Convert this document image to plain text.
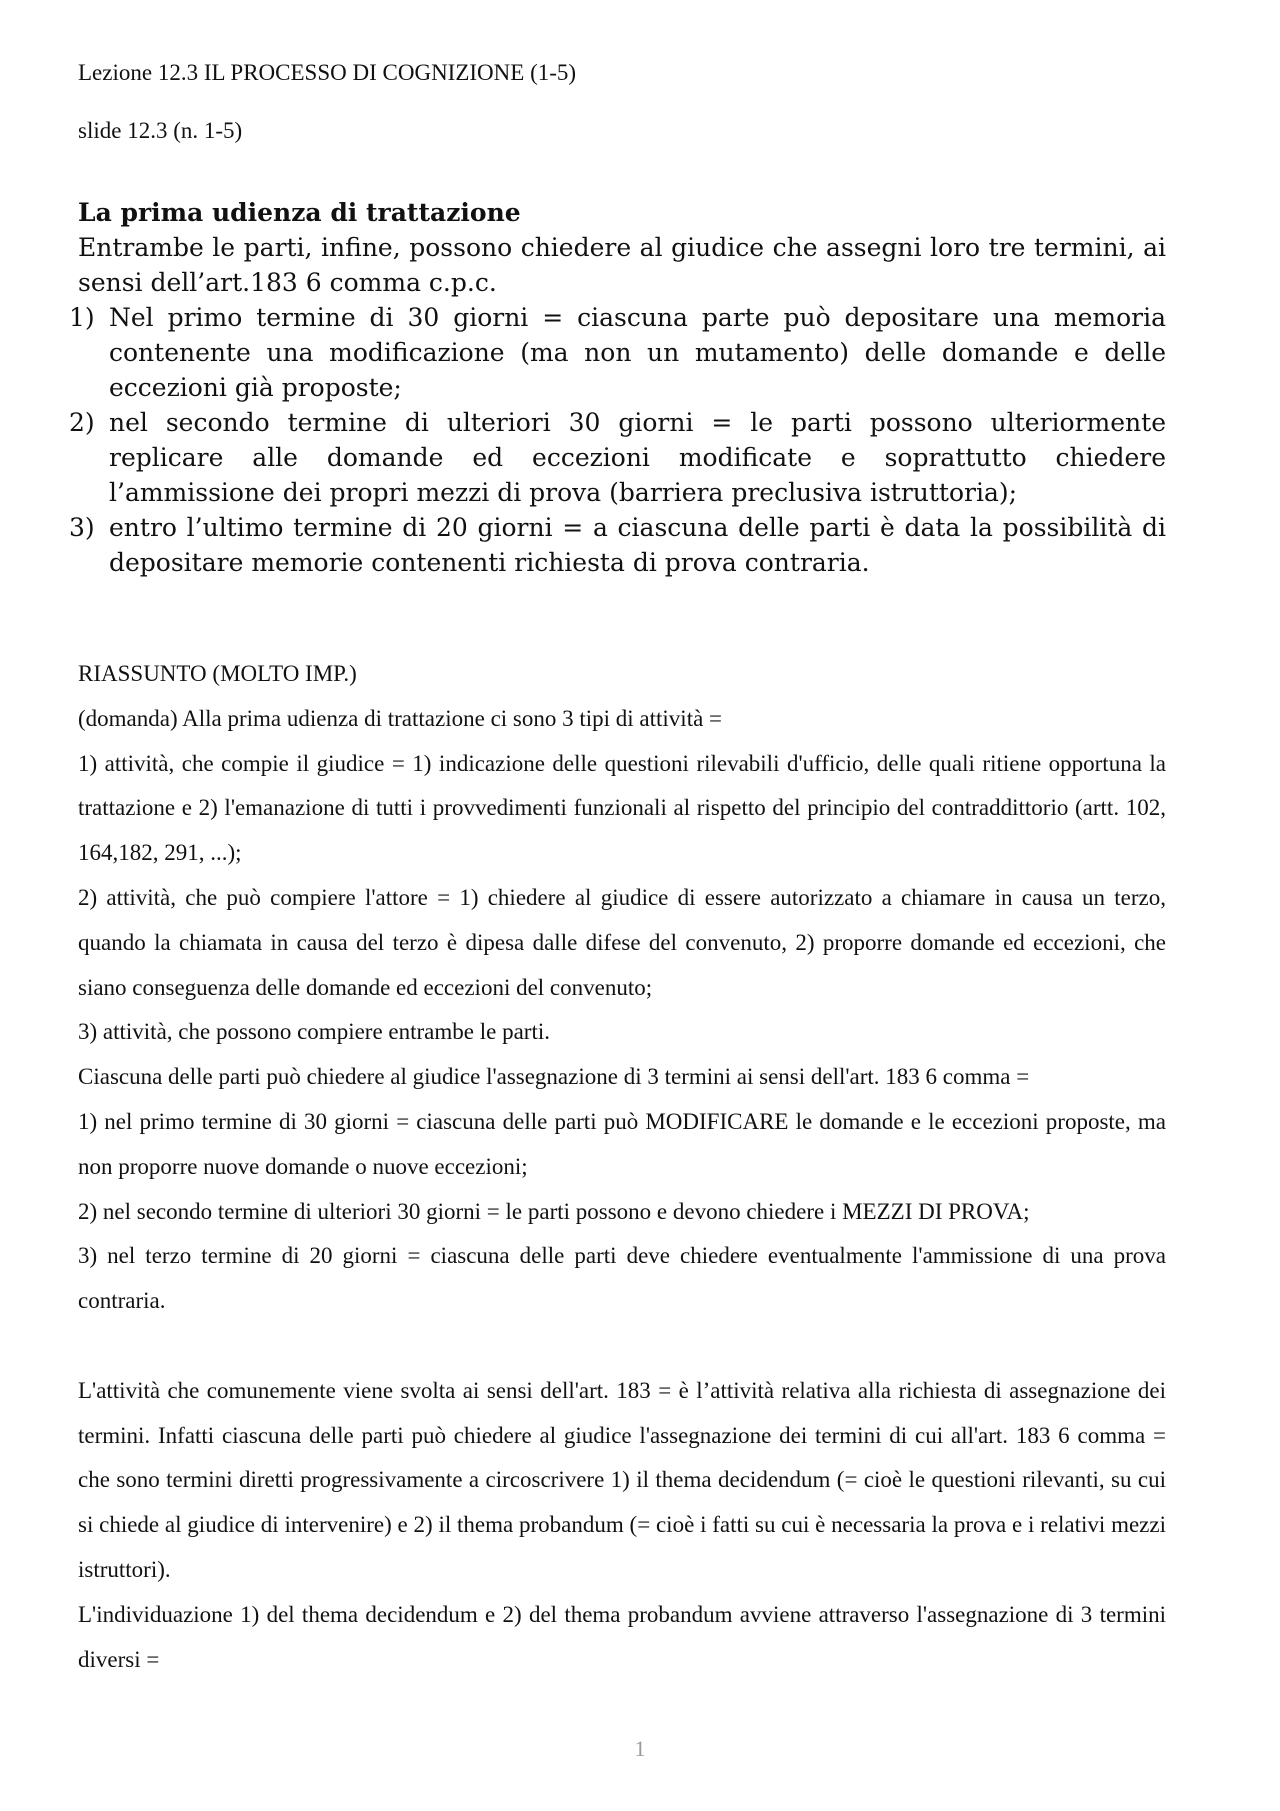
Lezione 12.3 IL PROCESSO DI COGNIZIONE (1-5)

slide 12.3 (n. 1-5)

La prima udienza di trattazione

Entrambe le parti, infine, possono chiedere al giudice che assegni loro tre termini, ai sensi dell’art.183 6 comma c.p.c.

1) Nel primo termine di 30 giorni = ciascuna parte può depositare una memoria contenente una modificazione (ma non un mutamento) delle domande e delle eccezioni già proposte;
2) nel secondo termine di ulteriori 30 giorni = le parti possono ulteriormente replicare alle domande ed eccezioni modificate e soprattutto chiedere l’ammissione dei propri mezzi di prova (barriera preclusiva istruttoria);
3) entro l’ultimo termine di 20 giorni = a ciascuna delle parti è data la possibilità di depositare memorie contenenti richiesta di prova contraria.

RIASSUNTO (MOLTO IMP.)

(domanda) Alla prima udienza di trattazione ci sono 3 tipi di attività =

1) attività, che compie il giudice = 1) indicazione delle questioni rilevabili d'ufficio, delle quali ritiene opportuna la trattazione e 2) l'emanazione di tutti i provvedimenti funzionali al rispetto del principio del contraddittorio (artt. 102, 164,182, 291, ...);

2) attività, che può compiere l'attore = 1) chiedere al giudice di essere autorizzato a chiamare in causa un terzo, quando la chiamata in causa del terzo è dipesa dalle difese del convenuto, 2) proporre domande ed eccezioni, che siano conseguenza delle domande ed eccezioni del convenuto;

3) attività, che possono compiere entrambe le parti.

Ciascuna delle parti può chiedere al giudice l'assegnazione di 3 termini ai sensi dell'art. 183 6 comma =

1) nel primo termine di 30 giorni = ciascuna delle parti può MODIFICARE le domande e le eccezioni proposte, ma non proporre nuove domande o nuove eccezioni;

2) nel secondo termine di ulteriori 30 giorni = le parti possono e devono chiedere i MEZZI DI PROVA;

3) nel terzo termine di 20 giorni = ciascuna delle parti deve chiedere eventualmente l'ammissione di una prova contraria.

L'attività che comunemente viene svolta ai sensi dell'art. 183 = è l’attività relativa alla richiesta di assegnazione dei termini. Infatti ciascuna delle parti può chiedere al giudice l'assegnazione dei termini di cui all'art. 183 6 comma = che sono termini diretti progressivamente a circoscrivere 1) il thema decidendum (= cioè le questioni rilevanti, su cui si chiede al giudice di intervenire) e 2) il thema probandum (= cioè i fatti su cui è necessaria la prova e i relativi mezzi istruttori).

L'individuazione 1) del thema decidendum e 2) del thema probandum avviene attraverso l'assegnazione di 3 termini diversi =

1
